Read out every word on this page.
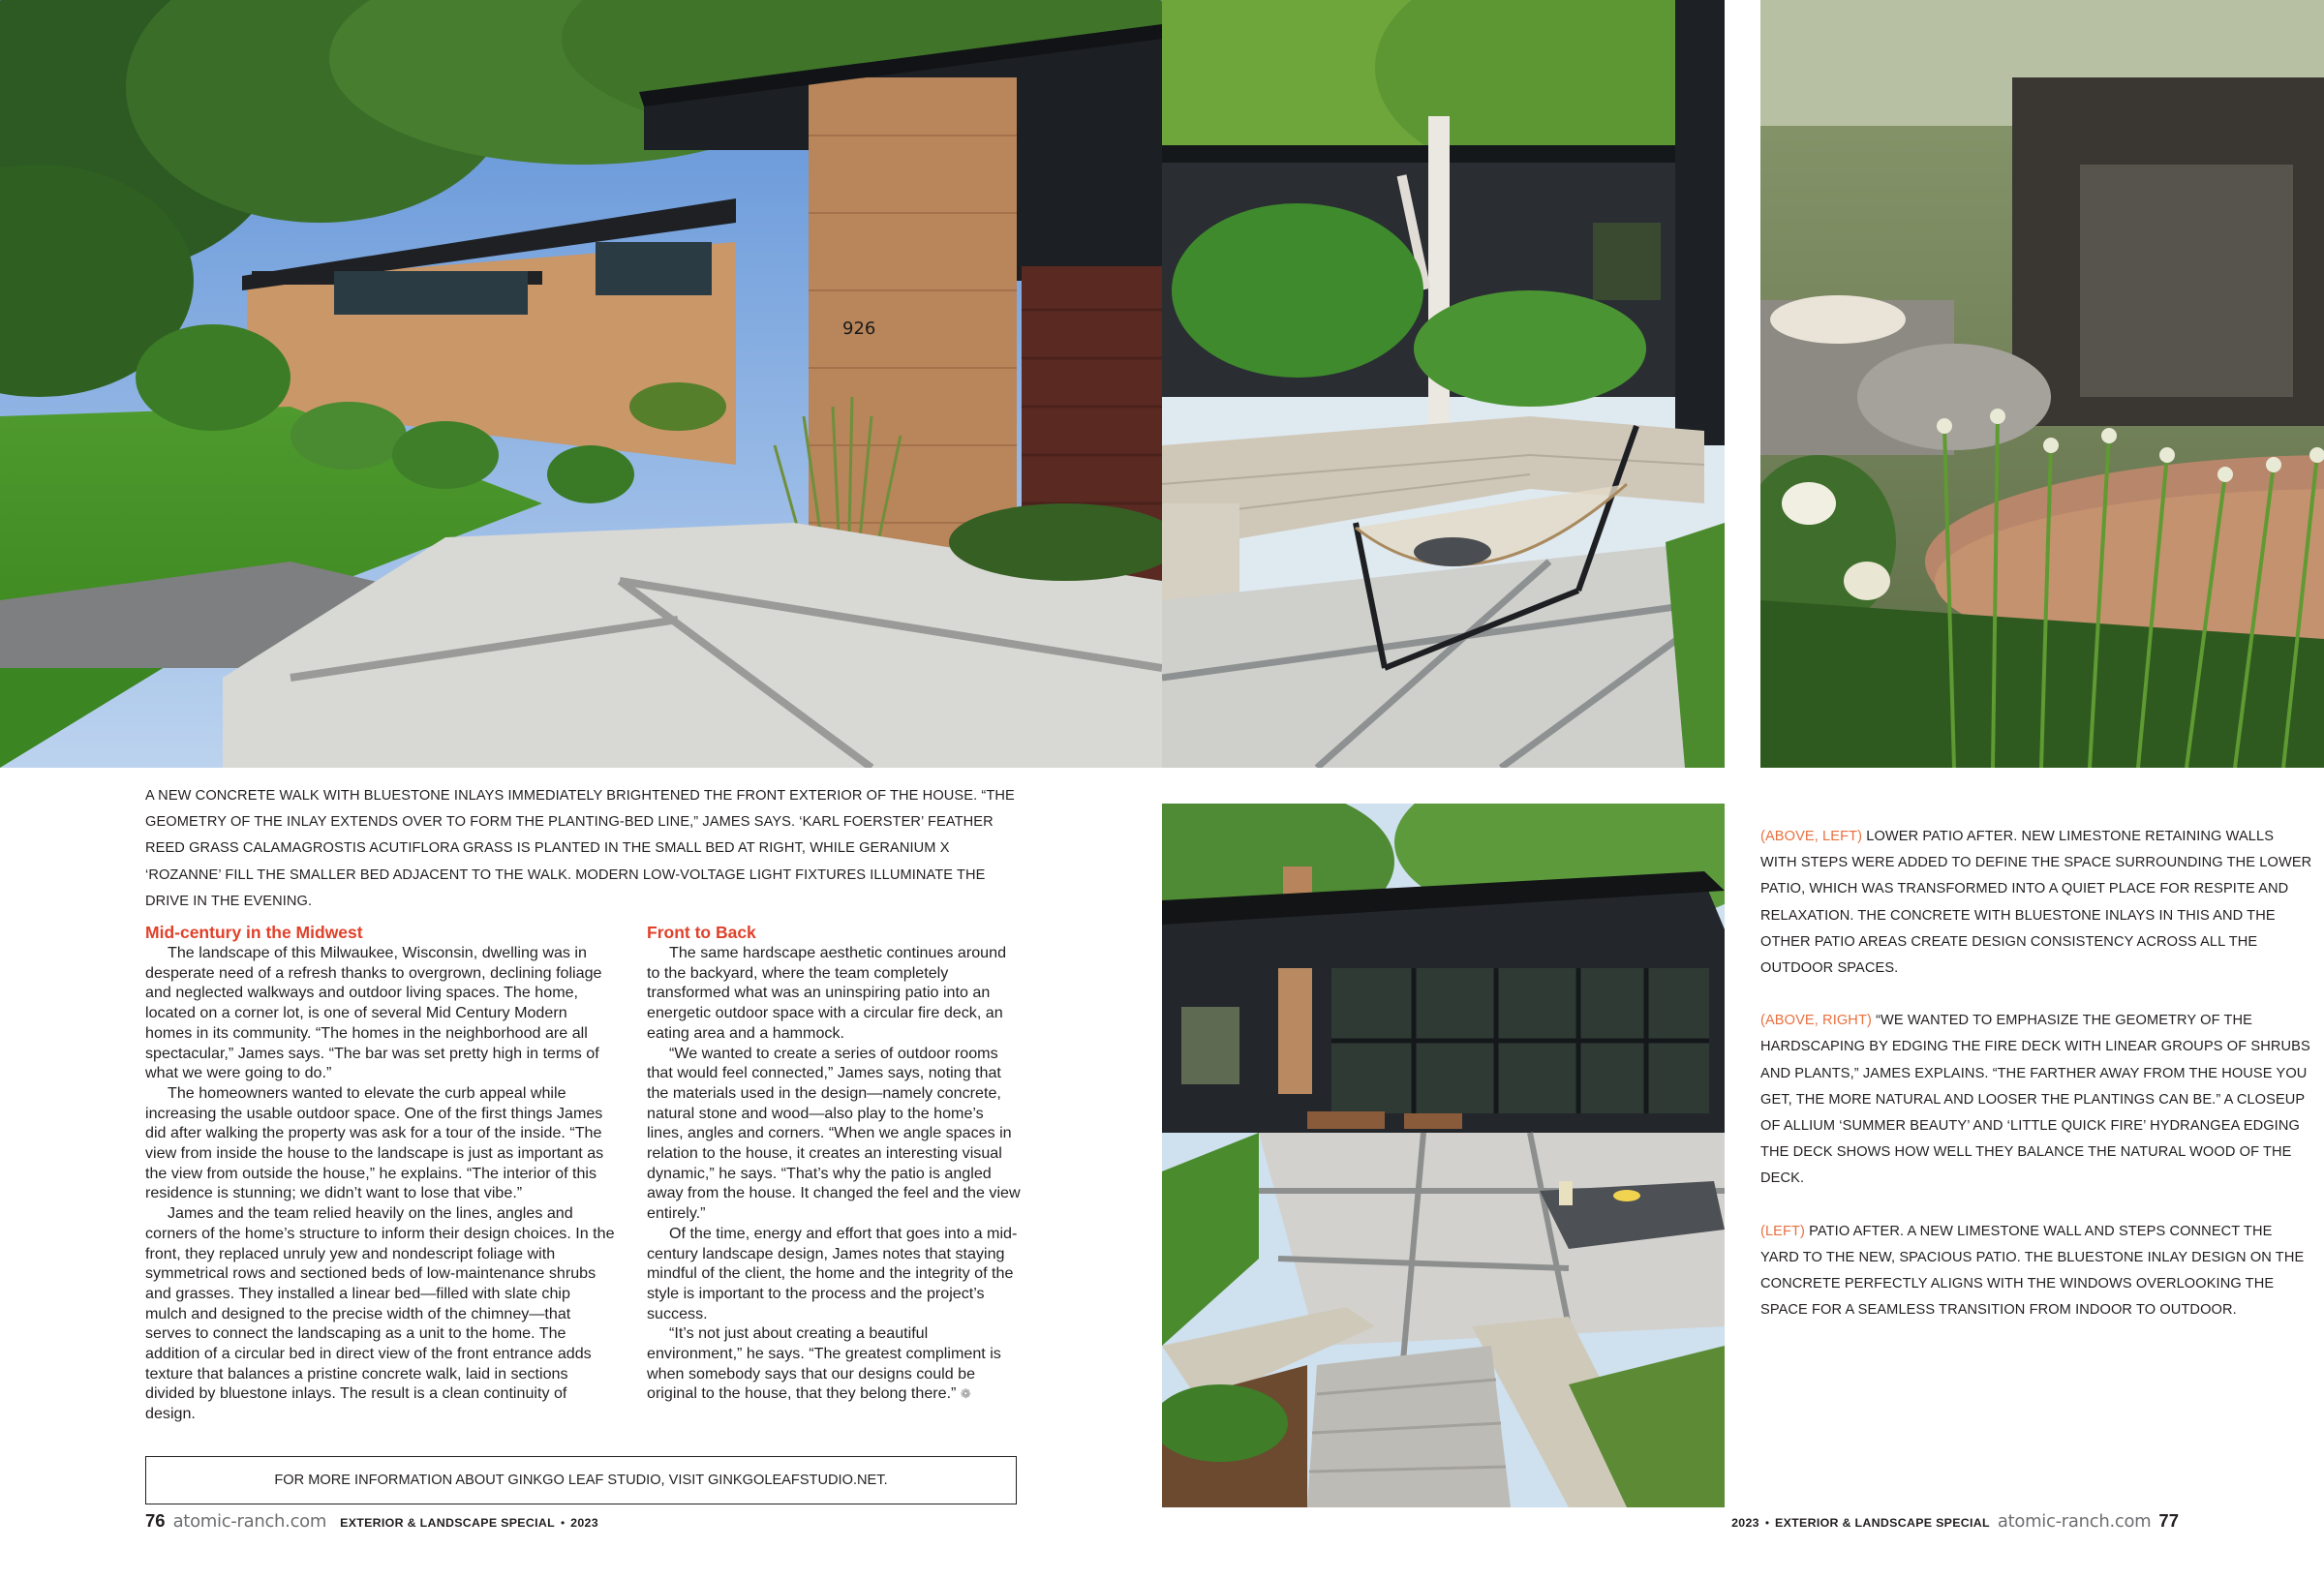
926

A NEW CONCRETE WALK WITH BLUESTONE INLAYS IMMEDIATELY BRIGHTENED THE FRONT EXTERIOR OF THE HOUSE. “THE GEOMETRY OF THE INLAY EXTENDS OVER TO FORM THE PLANTING-BED LINE,” JAMES SAYS. ‘KARL FOERSTER’ FEATHER REED GRASS CALAMAGROSTIS ACUTIFLORA GRASS IS PLANTED IN THE SMALL BED AT RIGHT, WHILE GERANIUM X ‘ROZANNE’ FILL THE SMALLER BED ADJACENT TO THE WALK. MODERN LOW-VOLTAGE LIGHT FIXTURES ILLUMINATE THE DRIVE IN THE EVENING.

Mid-century in the Midwest

The landscape of this Milwaukee, Wisconsin, dwelling was in desperate need of a refresh thanks to overgrown, declining foliage and neglected walkways and outdoor living spaces. The home, located on a corner lot, is one of several Mid Century Modern homes in its community. “The homes in the neighborhood are all spectacular,” James says. “The bar was set pretty high in terms of what we were going to do.”

The homeowners wanted to elevate the curb appeal while increasing the usable outdoor space. One of the first things James did after walking the property was ask for a tour of the inside. “The view from inside the house to the landscape is just as important as the view from outside the house,” he explains. “The interior of this residence is stunning; we didn’t want to lose that vibe.”

James and the team relied heavily on the lines, angles and corners of the home’s structure to inform their design choices. In the front, they replaced unruly yew and nondescript foliage with symmetrical rows and sectioned beds of low-maintenance shrubs and grasses. They installed a linear bed—filled with slate chip mulch and designed to the precise width of the chimney—that serves to connect the landscaping as a unit to the home. The addition of a circular bed in direct view of the front entrance adds texture that balances a pristine concrete walk, laid in sections divided by bluestone inlays. The result is a clean continuity of design.

Front to Back

The same hardscape aesthetic continues around to the backyard, where the team completely transformed what was an uninspiring patio into an energetic outdoor space with a circular fire deck, an eating area and a hammock.

“We wanted to create a series of outdoor rooms that would feel connected,” James says, noting that the materials used in the design—namely concrete, natural stone and wood—also play to the home’s lines, angles and corners. “When we angle spaces in relation to the house, it creates an interesting visual dynamic,” he says. “That’s why the patio is angled away from the house. It changed the feel and the view entirely.”

Of the time, energy and effort that goes into a mid-century landscape design, James notes that staying mindful of the client, the home and the integrity of the style is important to the process and the project’s success.

“It’s not just about creating a beautiful environment,” he says. “The greatest compliment is when somebody says that our designs could be original to the house, that they belong there.” ❁

(ABOVE, LEFT) LOWER PATIO AFTER. NEW LIMESTONE RETAINING WALLS WITH STEPS WERE ADDED TO DEFINE THE SPACE SURROUNDING THE LOWER PATIO, WHICH WAS TRANSFORMED INTO A QUIET PLACE FOR RESPITE AND RELAXATION. THE CONCRETE WITH BLUESTONE INLAYS IN THIS AND THE OTHER PATIO AREAS CREATE DESIGN CONSISTENCY ACROSS ALL THE OUTDOOR SPACES.

(ABOVE, RIGHT) “WE WANTED TO EMPHASIZE THE GEOMETRY OF THE HARDSCAPING BY EDGING THE FIRE DECK WITH LINEAR GROUPS OF SHRUBS AND PLANTS,” JAMES EXPLAINS. “THE FARTHER AWAY FROM THE HOUSE YOU GET, THE MORE NATURAL AND LOOSER THE PLANTINGS CAN BE.” A CLOSEUP OF ALLIUM ‘SUMMER BEAUTY’ AND ‘LITTLE QUICK FIRE’ HYDRANGEA EDGING THE DECK SHOWS HOW WELL THEY BALANCE THE NATURAL WOOD OF THE DECK.

(LEFT) PATIO AFTER. A NEW LIMESTONE WALL AND STEPS CONNECT THE YARD TO THE NEW, SPACIOUS PATIO. THE BLUESTONE INLAY DESIGN ON THE CONCRETE PERFECTLY ALIGNS WITH THE WINDOWS OVERLOOKING THE SPACE FOR A SEAMLESS TRANSITION FROM INDOOR TO OUTDOOR.

FOR MORE INFORMATION ABOUT GINKGO LEAF STUDIO, VISIT GINKGOLEAFSTUDIO.NET.
76 atomic-ranch.com EXTERIOR & LANDSCAPE SPECIAL • 2023	2023 • EXTERIOR & LANDSCAPE SPECIAL atomic-ranch.com 77
